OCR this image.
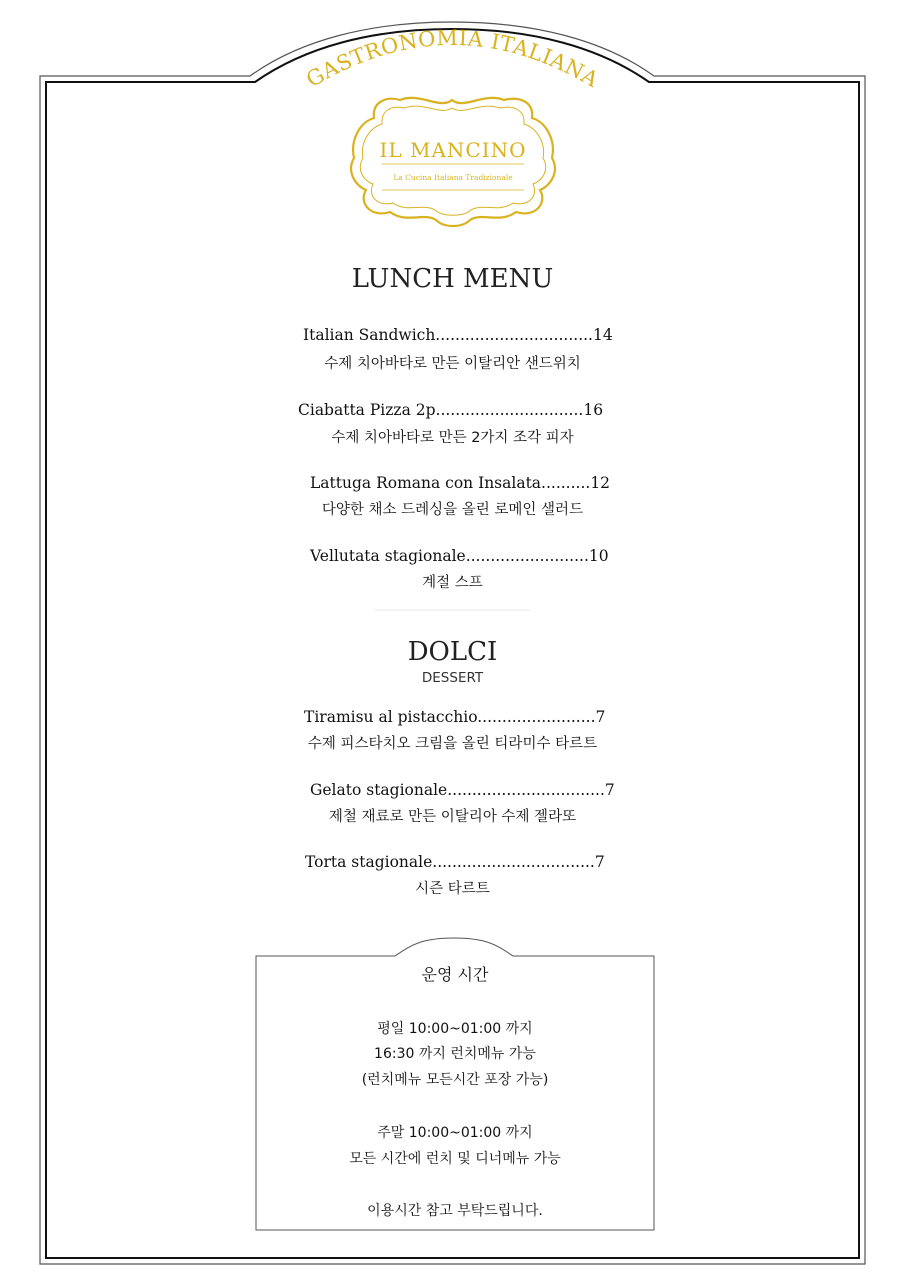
GASTRONOMIA ITALIANA
IL MANCINO
La Cucina Italiana Tradizionale
LUNCH MENU
Italian Sandwich................................14
수제 치아바타로 만든 이탈리안 샌드위치
Ciabatta Pizza 2p..............................16
수제 치아바타로 만든 2가지 조각 피자
Lattuga Romana con Insalata..........12
다양한 채소 드레싱을 올린 로메인 샐러드
Vellutata stagionale.........................10
계절 스프
DOLCI
DESSERT
Tiramisu al pistacchio........................7
수제 피스타치오 크림을 올린 티라미수 타르트
Gelato stagionale................................7
제철 재료로 만든 이탈리아 수제 젤라또
Torta stagionale.................................7
시즌 타르트
운영 시간
평일 10:00~01:00 까지
16:30 까지 런치메뉴 가능
(런치메뉴 모든시간 포장 가능)
주말 10:00~01:00 까지
모든 시간에 런치 및 디너메뉴 가능
이용시간 참고 부탁드립니다.
